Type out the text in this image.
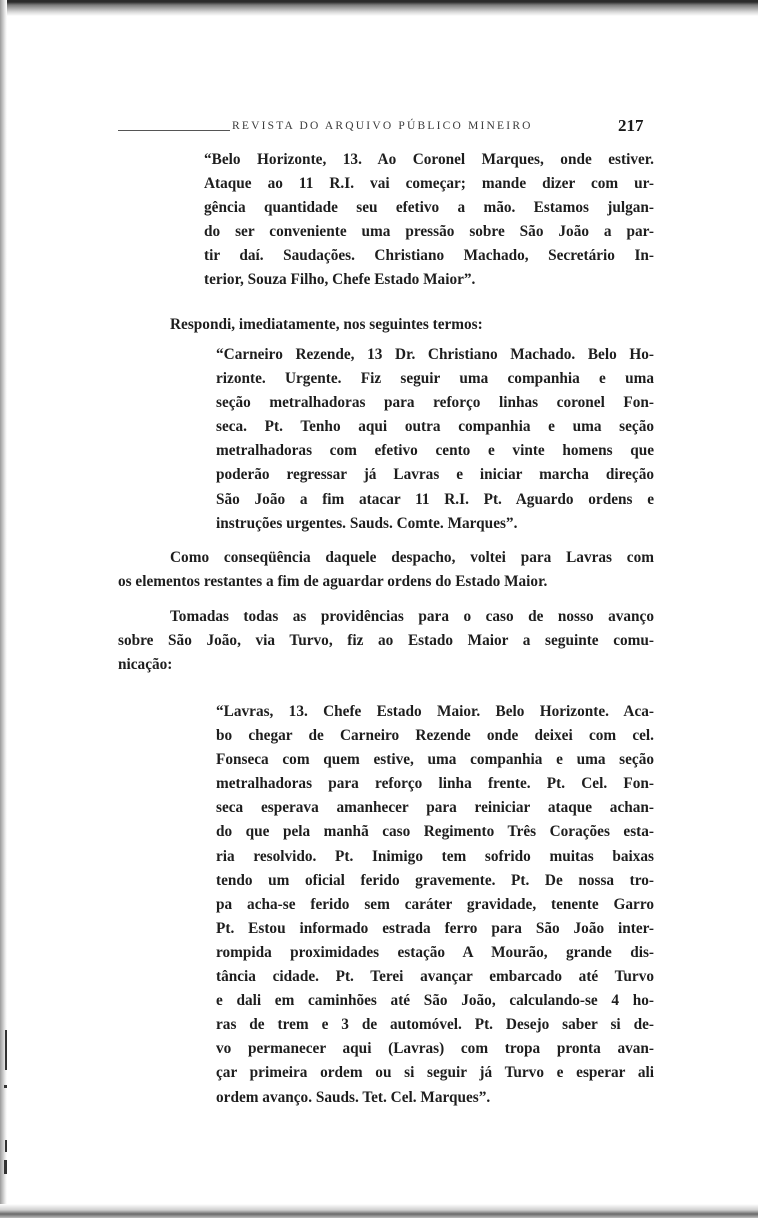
REVISTA DO ARQUIVO PÚBLICO MINEIRO	217
“Belo Horizonte, 13. Ao Coronel Marques, onde estiver.
Ataque ao 11 R.I. vai começar; mande dizer com ur-
gência quantidade seu efetivo a mão. Estamos julgan-
do ser conveniente uma pressão sobre São João a par-
tir daí. Saudações. Christiano Machado, Secretário In-
terior, Souza Filho, Chefe Estado Maior”.
Respondi, imediatamente, nos seguintes termos:
“Carneiro Rezende, 13 Dr. Christiano Machado. Belo Ho-
rizonte. Urgente. Fiz seguir uma companhia e uma
seção metralhadoras para reforço linhas coronel Fon-
seca. Pt. Tenho aqui outra companhia e uma seção
metralhadoras com efetivo cento e vinte homens que
poderão regressar já Lavras e iniciar marcha direção
São João a fim atacar 11 R.I. Pt. Aguardo ordens e
instruções urgentes. Sauds. Comte. Marques”.
Como conseqüência daquele despacho, voltei para Lavras com
os elementos restantes a fim de aguardar ordens do Estado Maior.
Tomadas todas as providências para o caso de nosso avanço
sobre São João, via Turvo, fiz ao Estado Maior a seguinte comu-
nicação:
“Lavras, 13. Chefe Estado Maior. Belo Horizonte. Aca-
bo chegar de Carneiro Rezende onde deixei com cel.
Fonseca com quem estive, uma companhia e uma seção
metralhadoras para reforço linha frente. Pt. Cel. Fon-
seca esperava amanhecer para reiniciar ataque achan-
do que pela manhã caso Regimento Três Corações esta-
ria resolvido. Pt. Inimigo tem sofrido muitas baixas
tendo um oficial ferido gravemente. Pt. De nossa tro-
pa acha-se ferido sem caráter gravidade, tenente Garro
Pt. Estou informado estrada ferro para São João inter-
rompida proximidades estação A Mourão, grande dis-
tância cidade. Pt. Terei avançar embarcado até Turvo
e dali em caminhões até São João, calculando-se 4 ho-
ras de trem e 3 de automóvel. Pt. Desejo saber si de-
vo permanecer aqui (Lavras) com tropa pronta avan-
çar primeira ordem ou si seguir já Turvo e esperar ali
ordem avanço. Sauds. Tet. Cel. Marques”.
